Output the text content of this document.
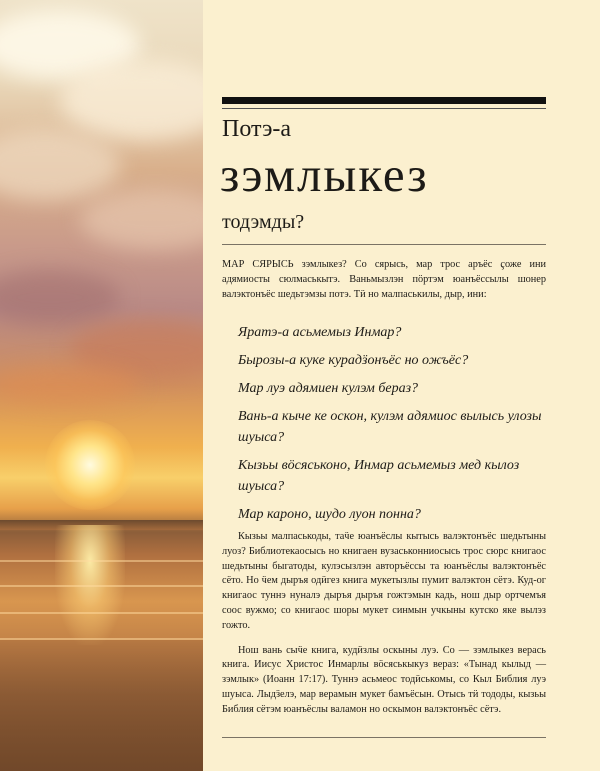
Потэ-а
зэмлыкез
тодэмды?
МАР СЯРЫСЬ зэмлыкез? Со сярысь, мар трос аръёс ҫоже ини адямиосты сюлмаськытэ. Ваньмызлэн пӧртэм юанъёссылы шонер валэктонъёс шедьтэмзы потэ. Тӥ но малпаськилы, дыр, ини:
Яратэ-а асьмемыз Инмар?
Бырозы-а куке курадӟонъёс но ожъёс?
Мар луэ адямиен кулэм бераз?
Вань-а кыче ке оскон, кулэм адямиос вылысь улозы шуыса?
Кызьы вӧсяськоно, Инмар асьмемыз мед кылоз шуыса?
Мар кароно, шудо луон понна?

Кызьы малпаськоды, таӵе юанъёслы кытысь валэктонъёс шедьтыны луоз? Библиотекаосысь но книгаен вузаськонниосысь трос сюрс книгаос шедьтыны быгатоды, кулэсызлэн авторъёссы та юанъёслы валэктонъёс сёто. Но ӵем дыръя одӥгез книга мукетызлы пумит валэктон сётэ. Куд-ог книгаос туннэ нуналэ дыръя дыръя гожтэмын кадь, нош дыр ортчемъя соос вужмо; со книгаос шоры мукет синмын учкыны кутско яке вылэз гожто.

Нош вань сыӵе книга, кудӥзлы оскыны луэ. Со — зэмлыкез верась книга. Иисус Христос Инмарлы вӧсяськыкуз вераз: «Тынад кылыд — зэмлык» (Иоанн 17:17). Туннэ асьмеос тодӥськомы, со Кыл Библия луэ шуыса. Лыдӟелэ, мар верамын мукет бамъёсын. Отысь тӥ тододы, кызьы Библия сётэм юанъёслы валамон но оскымон валэктонъёс сётэ.
